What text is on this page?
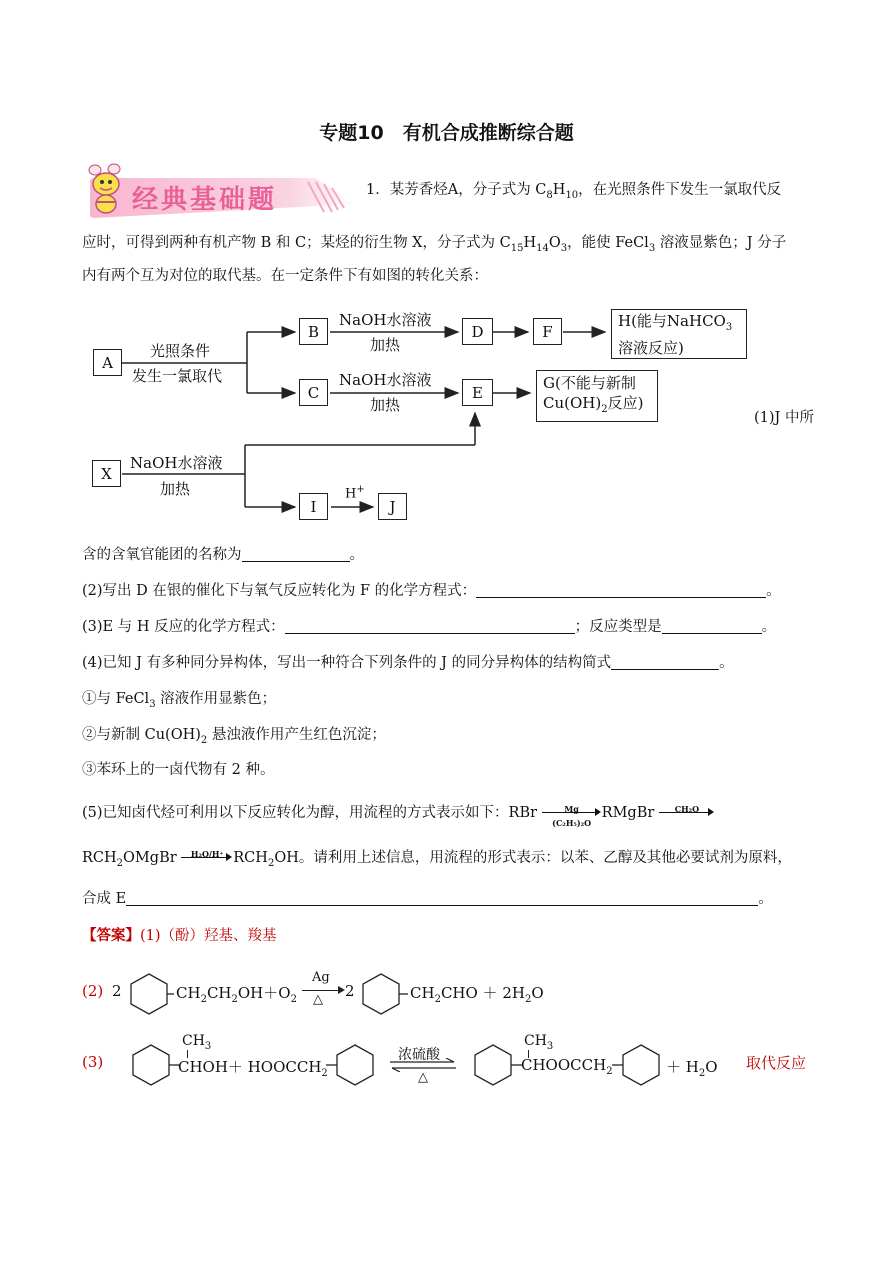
专题10　有机合成推断综合题
经典基础题	1．某芳香烃A，分子式为 $C_8H_{10}$，在光照条件下发生一氯取代反
应时，可得到两种有机产物 B 和 C；某烃的衍生物 X，分子式为 $C_{15}H_{14}O_3$，能使 FeCl$_3$ 溶液显紫色；J 分子
内有两个互为对位的取代基。在一定条件下有如图的转化关系：
A
B
C
D
E
F
X
I	J
H(能与NaHCO$_3$
溶液反应)
G(不能与新制
$Cu(OH)_2$反应)
光照条件
发生一氯取代
NaOH水溶液
加热
NaOH水溶液
加热
NaOH水溶液
加热	H+
(1)J 中所
含的含氧官能团的名称为	。
(2)写出 D 在银的催化下与氧气反应转化为 F 的化学方程式：	。
(3)E 与 H 反应的化学方程式：	；反应类型是	。
(4)已知 J 有多种同分异构体，写出一种符合下列条件的 J 的同分异构体的结构简式	。
①与 FeCl$_3$ 溶液作用显紫色；
②与新制 $Cu(OH)_2$ 悬浊液作用产生红色沉淀；
③苯环上的一卤代物有 2 种。
(5)已知卤代烃可利用以下反应转化为醇，用流程的方式表示如下：RBr	Mg
(C₂H₅)₂O
RMgBr	CH₂O
$RCH_2OMgBr$	H₂O/H⁺ $RCH_2OH$。请利用上述信息，用流程的形式表示：以苯、乙醇及其他必要试剂为原料，
合成 E	。
【答案】(1)（酚）羟基、羧基
(2) 2	$CH_2CH_2OH+O_2$
Ag
△ 2	$CH_2CHO + 2H_2O$
(3)
$CH_3$
CHOH＋ $HOOCCH_2$
浓硫酸
△
$CH_3$
$CHOOCCH_2$	＋ $H_2O$ 取代反应
